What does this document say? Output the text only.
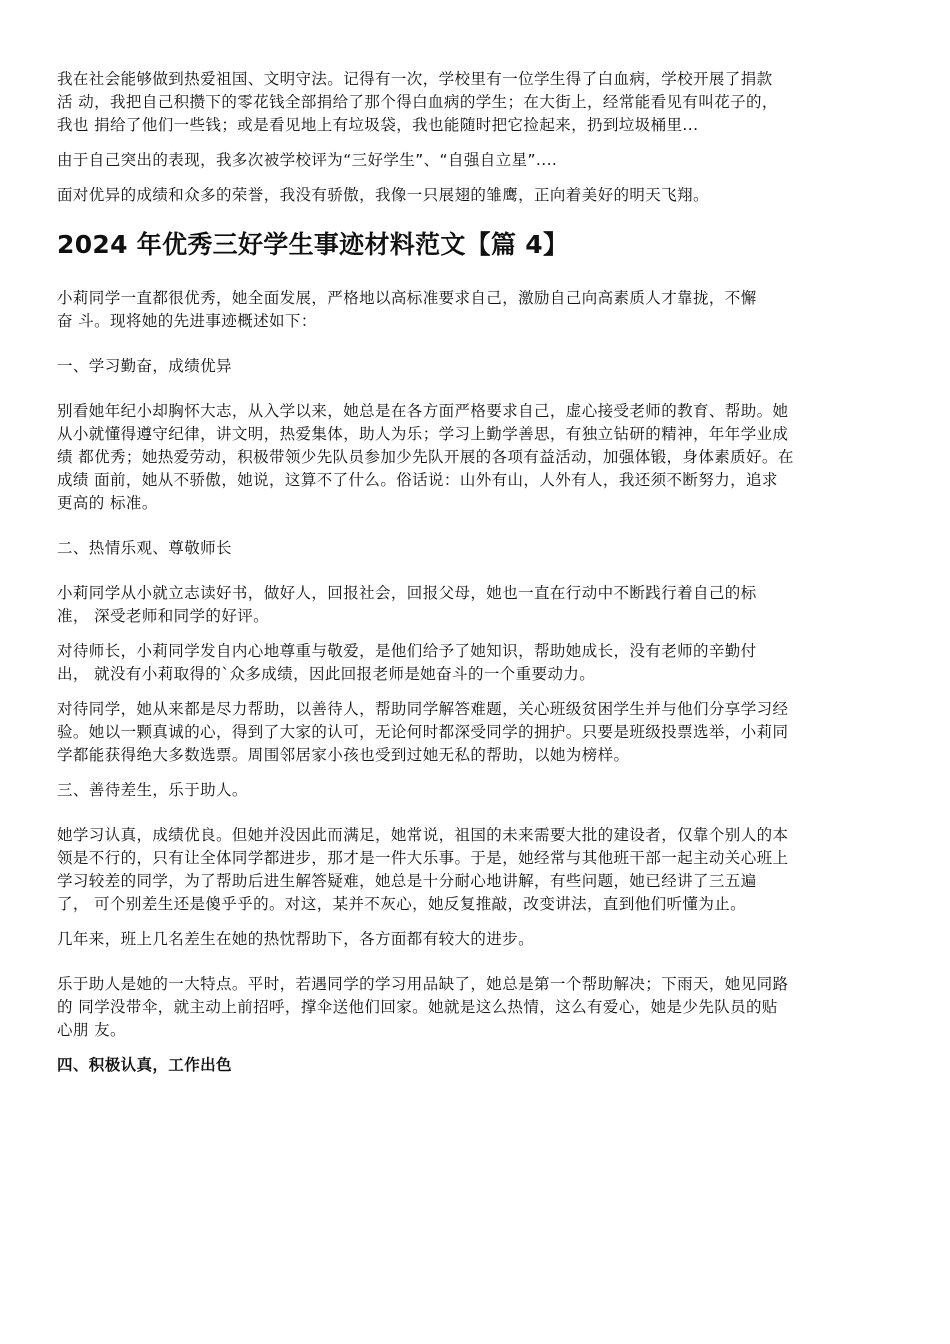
我在社会能够做到热爱祖国、文明守法。记得有一次，学校里有一位学生得了白血病，学校开展了捐款
活 动，我把自己积攒下的零花钱全部捐给了那个得白血病的学生；在大街上，经常能看见有叫花子的，
我也 捐给了他们一些钱；或是看见地上有垃圾袋，我也能随时把它捡起来，扔到垃圾桶里...

由于自己突出的表现，我多次被学校评为“三好学生”、“自强自立星”....

面对优异的成绩和众多的荣誉，我没有骄傲，我像一只展翅的雏鹰，正向着美好的明天飞翔。

2024 年优秀三好学生事迹材料范文【篇 4】

小莉同学一直都很优秀，她全面发展，严格地以高标准要求自己，激励自己向高素质人才靠拢，不懈
奋 斗。现将她的先进事迹概述如下：

一、学习勤奋，成绩优异

别看她年纪小却胸怀大志，从入学以来，她总是在各方面严格要求自己，虚心接受老师的教育、帮助。她
从小就懂得遵守纪律，讲文明，热爱集体，助人为乐；学习上勤学善思，有独立钻研的精神，年年学业成
绩 都优秀；她热爱劳动，积极带领少先队员参加少先队开展的各项有益活动，加强体锻，身体素质好。在
成绩 面前，她从不骄傲，她说，这算不了什么。俗话说：山外有山，人外有人，我还须不断努力，追求
更高的 标准。

二、热情乐观、尊敬师长

小莉同学从小就立志读好书，做好人，回报社会，回报父母，她也一直在行动中不断践行着自己的标
准， 深受老师和同学的好评。

对待师长，小莉同学发自内心地尊重与敬爱，是他们给予了她知识，帮助她成长，没有老师的辛勤付
出， 就没有小莉取得的`众多成绩，因此回报老师是她奋斗的一个重要动力。

对待同学，她从来都是尽力帮助，以善待人，帮助同学解答难题，关心班级贫困学生并与他们分享学习经
验。她以一颗真诚的心，得到了大家的认可，无论何时都深受同学的拥护。只要是班级投票选举，小莉同
学都能获得绝大多数选票。周围邻居家小孩也受到过她无私的帮助，以她为榜样。

三、善待差生，乐于助人。

她学习认真，成绩优良。但她并没因此而满足，她常说，祖国的未来需要大批的建设者，仅靠个别人的本
领是不行的，只有让全体同学都进步，那才是一件大乐事。于是，她经常与其他班干部一起主动关心班上
学习较差的同学，为了帮助后进生解答疑难，她总是十分耐心地讲解，有些问题，她已经讲了三五遍
了， 可个别差生还是傻乎乎的。对这，某并不灰心，她反复推敲，改变讲法，直到他们听懂为止。

几年来，班上几名差生在她的热忱帮助下，各方面都有较大的进步。

乐于助人是她的一大特点。平时，若遇同学的学习用品缺了，她总是第一个帮助解决；下雨天，她见同路
的 同学没带伞，就主动上前招呼，撑伞送他们回家。她就是这么热情，这么有爱心，她是少先队员的贴
心朋 友。

四、积极认真，工作出色
